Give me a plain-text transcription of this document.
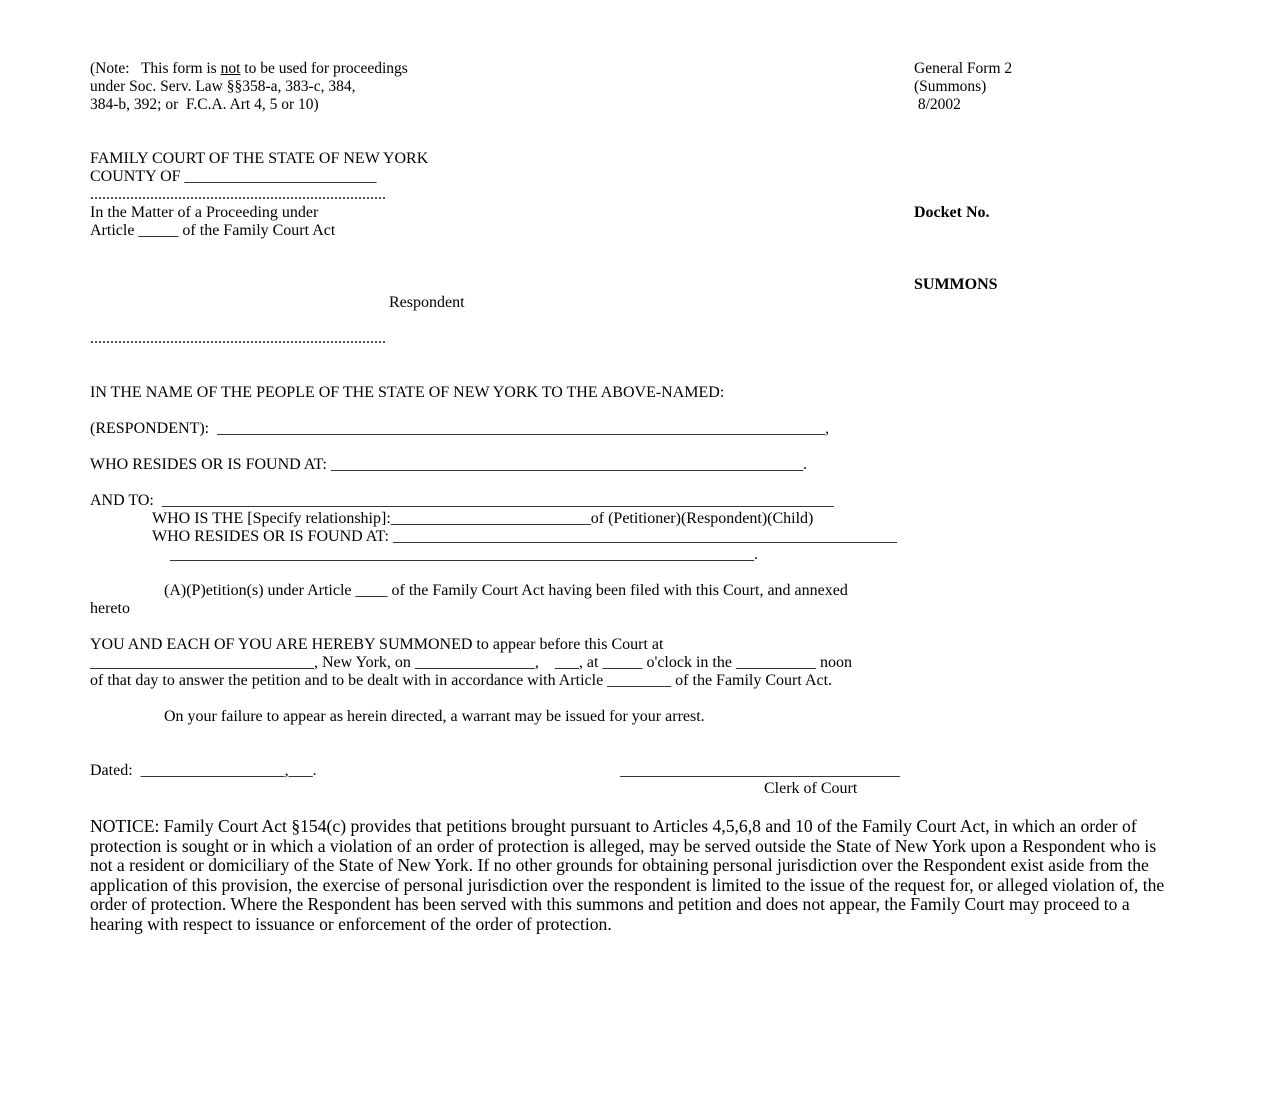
(Note:   This form is not to be used for proceedings
under Soc. Serv. Law §§358-a, 383-c, 384,
384-b, 392; or  F.C.A. Art 4, 5 or 10)
General Form 2
(Summons)
8/2002
FAMILY COURT OF THE STATE OF NEW YORK
COUNTY OF ________________________
..........................................................................
In the Matter of a Proceeding under
Article _____ of the Family Court Act
Respondent
..........................................................................
Docket No.
SUMMONS
IN THE NAME OF THE PEOPLE OF THE STATE OF NEW YORK TO THE ABOVE-NAMED:
(RESPONDENT):  ____________________________________________________________________________,
WHO RESIDES OR IS FOUND AT: ___________________________________________________________.
AND TO:  ____________________________________________________________________________________
WHO IS THE [Specify relationship]:_________________________of (Petitioner)(Respondent)(Child)
WHO RESIDES OR IS FOUND AT: _______________________________________________________________
_________________________________________________________________________.
(A)(P)etition(s) under Article ____ of the Family Court Act having been filed with this Court, and annexed
hereto
YOU AND EACH OF YOU ARE HEREBY SUMMONED to appear before this Court at
____________________________, New York, on _______________,    ___, at _____ o'clock in the __________ noon
of that day to answer the petition and to be dealt with in accordance with Article ________ of the Family Court Act.
On your failure to appear as herein directed, a warrant may be issued for your arrest.
Dated:  __________________,___.	___________________________________
Clerk of Court
NOTICE: Family Court Act §154(c) provides that petitions brought pursuant to Articles 4,5,6,8 and 10 of the Family Court Act, in which an order of protection is sought or in which a violation of an order of protection is alleged, may be served outside the State of New York upon a Respondent who is not a resident or domiciliary of the State of New York. If no other grounds for obtaining personal jurisdiction over the Respondent exist aside from the application of this provision, the exercise of personal jurisdiction over the respondent is limited to the issue of the request for, or alleged violation of, the order of protection. Where the Respondent has been served with this summons and petition and does not appear, the Family Court may proceed to a hearing with respect to issuance or enforcement of the order of protection.
